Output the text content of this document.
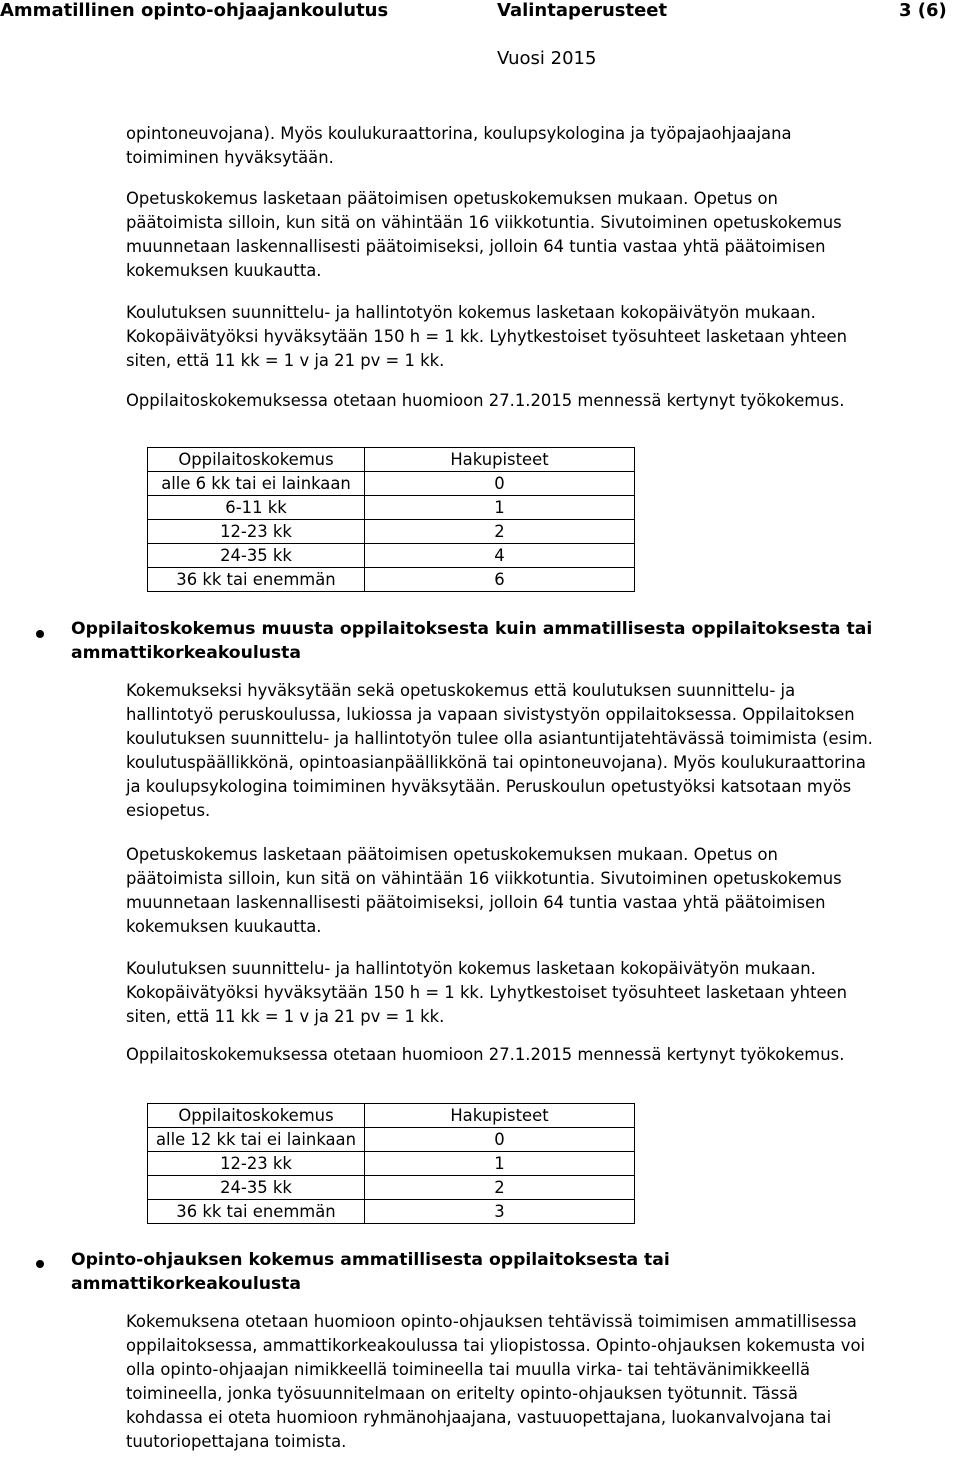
Ammatillinen opinto-ohjaajankoulutus	Valintaperusteet	3 (6)
Vuosi 2015

opintoneuvojana). Myös koulukuraattorina, koulupsykologina ja työpajaohjaajana
toimiminen hyväksytään.

Opetuskokemus lasketaan päätoimisen opetuskokemuksen mukaan. Opetus on
päätoimista silloin, kun sitä on vähintään 16 viikkotuntia. Sivutoiminen opetuskokemus
muunnetaan laskennallisesti päätoimiseksi, jolloin 64 tuntia vastaa yhtä päätoimisen
kokemuksen kuukautta.

Koulutuksen suunnittelu- ja hallintotyön kokemus lasketaan kokopäivätyön mukaan.
Kokopäivätyöksi hyväksytään 150 h = 1 kk. Lyhytkestoiset työsuhteet lasketaan yhteen
siten, että 11 kk = 1 v ja 21 pv = 1 kk.

Oppilaitoskokemuksessa otetaan huomioon 27.1.2015 mennessä kertynyt työkokemus.

Oppilaitoskokemus	Hakupisteet
alle 6 kk tai ei lainkaan	0
6-11 kk	1
12-23 kk	2
24-35 kk	4
36 kk tai enemmän	6

Oppilaitoskokemus muusta oppilaitoksesta kuin ammatillisesta oppilaitoksesta tai
ammattikorkeakoulusta

Kokemukseksi hyväksytään sekä opetuskokemus että koulutuksen suunnittelu- ja
hallintotyö peruskoulussa, lukiossa ja vapaan sivistystyön oppilaitoksessa. Oppilaitoksen
koulutuksen suunnittelu- ja hallintotyön tulee olla asiantuntijatehtävässä toimimista (esim.
koulutuspäällikkönä, opintoasianpäällikkönä tai opintoneuvojana). Myös koulukuraattorina
ja koulupsykologina toimiminen hyväksytään. Peruskoulun opetustyöksi katsotaan myös
esiopetus.

Opetuskokemus lasketaan päätoimisen opetuskokemuksen mukaan. Opetus on
päätoimista silloin, kun sitä on vähintään 16 viikkotuntia. Sivutoiminen opetuskokemus
muunnetaan laskennallisesti päätoimiseksi, jolloin 64 tuntia vastaa yhtä päätoimisen
kokemuksen kuukautta.

Koulutuksen suunnittelu- ja hallintotyön kokemus lasketaan kokopäivätyön mukaan.
Kokopäivätyöksi hyväksytään 150 h = 1 kk. Lyhytkestoiset työsuhteet lasketaan yhteen
siten, että 11 kk = 1 v ja 21 pv = 1 kk.

Oppilaitoskokemuksessa otetaan huomioon 27.1.2015 mennessä kertynyt työkokemus.

Oppilaitoskokemus	Hakupisteet
alle 12 kk tai ei lainkaan	0
12-23 kk	1
24-35 kk	2
36 kk tai enemmän	3

Opinto-ohjauksen kokemus ammatillisesta oppilaitoksesta tai
ammattikorkeakoulusta

Kokemuksena otetaan huomioon opinto-ohjauksen tehtävissä toimimisen ammatillisessa
oppilaitoksessa, ammattikorkeakoulussa tai yliopistossa. Opinto-ohjauksen kokemusta voi
olla opinto-ohjaajan nimikkeellä toimineella tai muulla virka- tai tehtävänimikkeellä
toimineella, jonka työsuunnitelmaan on eritelty opinto-ohjauksen työtunnit. Tässä
kohdassa ei oteta huomioon ryhmänohjaajana, vastuuopettajana, luokanvalvojana tai
tuutoriopettajana toimista.
